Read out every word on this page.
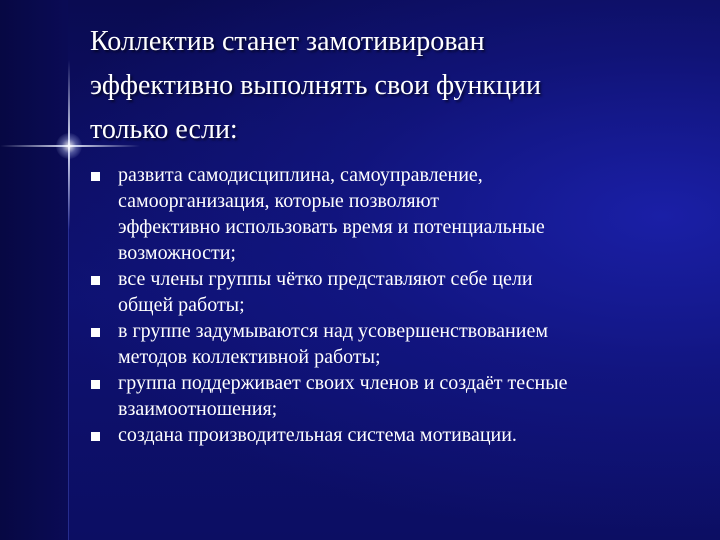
Коллектив станет замотивирован
эффективно выполнять свои функции
только если:
развита самодисциплина, самоуправление,
самоорганизация, которые позволяют
эффективно использовать время и потенциальные
возможности;
все члены группы чётко представляют себе цели
общей работы;
в группе задумываются над усовершенствованием
методов коллективной работы;
группа поддерживает своих членов и создаёт тесные
взаимоотношения;
создана производительная система мотивации.
